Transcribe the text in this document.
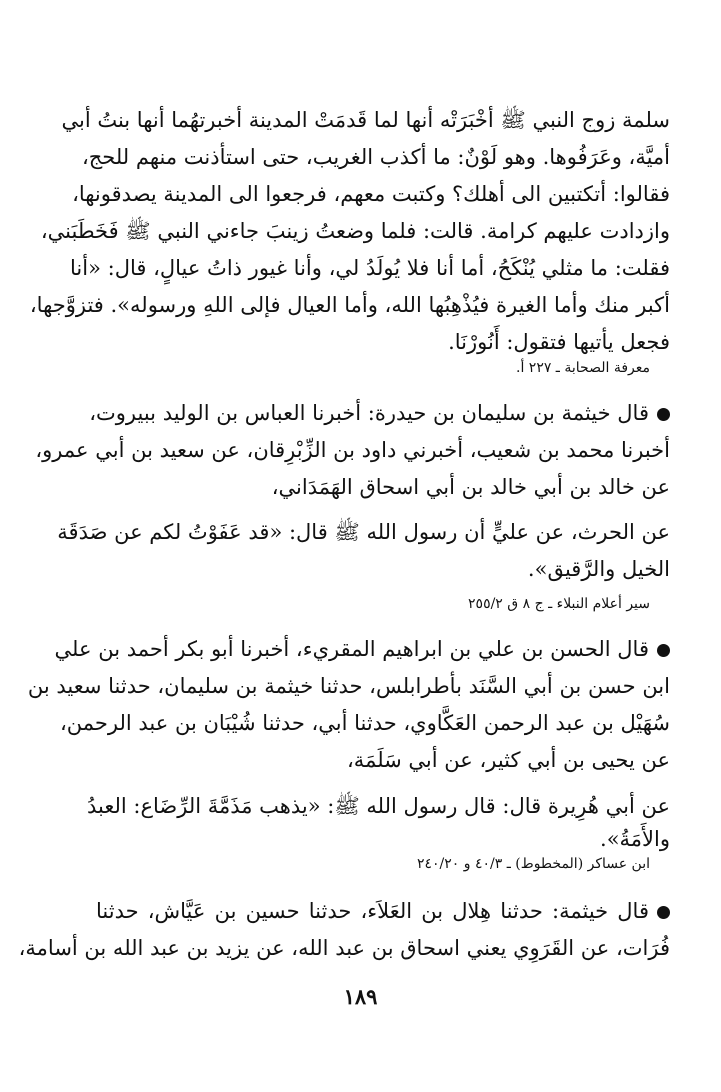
سلمة زوج النبي ﷺ أخْبَرَتْه أنها لما قَدمَتْ المدينة أخبرتهُما أنها بنتُ أبي
أميَّة، وعَرَفُوها. وهو لَوْنٌ: ما أكذب الغريب، حتى استأذنت منهم للحج،
فقالوا: أتكتبين الى أهلك؟ وكتبت معهم، فرجعوا الى المدينة يصدقونها،
وازدادت عليهم كرامة. قالت: فلما وضعتُ زينبَ جاءني النبي ﷺ فَخَطَبَني،
فقلت: ما مثلي يُنْكَحُ، أما أنا فلا يُولَدُ لي، وأنا غيور ذاتُ عيالٍ، قال: «أنا
أكبر منك وأما الغيرة فيُذْهِبُها الله، وأما العيال فإلى اللهِ ورسوله». فتزوَّجها،
فجعل يأتيها فتقول: أَنُورْنَا.
معرفة الصحابة ـ ٢٢٧ أ.
قال خيثمة بن سليمان بن حيدرة: أخبرنا العباس بن الوليد ببيروت،
أخبرنا محمد بن شعيب، أخبرني داود بن الزِّبْرِقان، عن سعيد بن أبي عمرو،
عن خالد بن أبي خالد بن أبي اسحاق الهَمَدَاني،
عن الحرث، عن عليٍّ أن رسول الله ﷺ قال: «قد عَفَوْتُ لكم عن صَدَقَة
الخيل والرَّقيق».
سير أعلام النبلاء ـ ج ٨ ق ٢٥٥/٢
قال الحسن بن علي بن ابراهيم المقريء، أخبرنا أبو بكر أحمد بن علي
ابن حسن بن أبي السَّنَد بأطرابلس، حدثنا خيثمة بن سليمان، حدثنا سعيد بن
سُهَيْل بن عبد الرحمن العَكَّاوي، حدثنا أبي، حدثنا شُيْبَان بن عبد الرحمن،
عن يحيى بن أبي كثير، عن أبي سَلَمَة،
عن أبي هُرِيرة قال: قال رسول الله ﷺ: «يذهب مَذَمَّةَ الرِّضَاع: العبدُ
والأَمَةُ».
ابن عساكر (المخطوط) ـ ٤٠/٣ و ٢٤٠/٢٠
قال خيثمة: حدثنا هِلال بن العَلاَء، حدثنا حسين بن عَيَّاش، حدثنا
فُرَات، عن القَرَوِي يعني اسحاق بن عبد الله، عن يزيد بن عبد الله بن أسامة،
١٨٩
